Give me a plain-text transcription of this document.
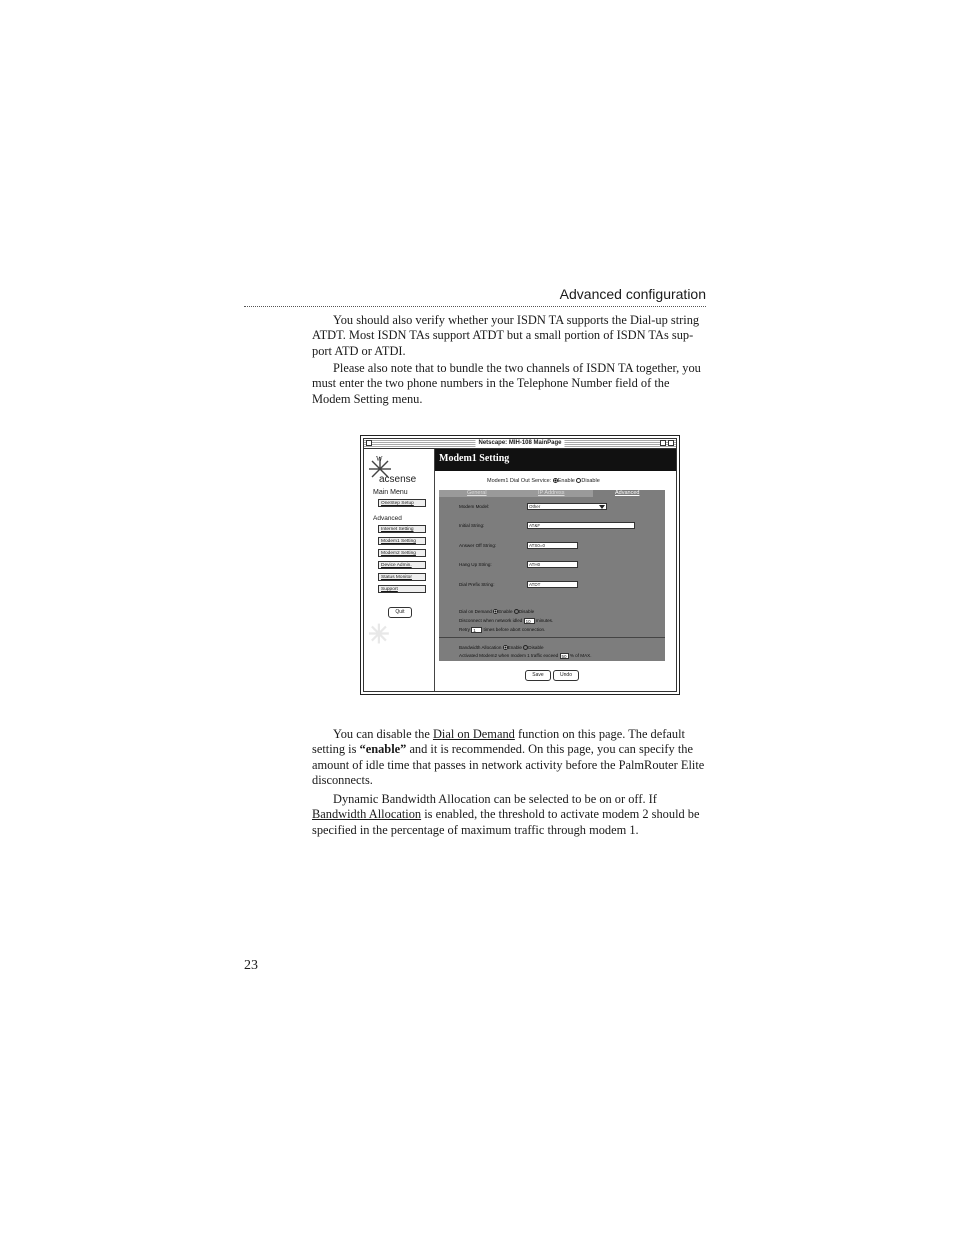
Advanced configuration

You should also verify whether your ISDN TA supports the Dial-up string ATDT. Most ISDN TAs support ATDT but a small portion of ISDN TAs sup-port ATD or ATDI.

Please also note that to bundle the two channels of ISDN TA together, you must enter the two phone numbers in the Telephone Number field of the Modem Setting menu.

Netscape: MIH-108 MainPage
✳
W
acsense
Main Menu
OneStep Setup
Advanced
Internet Setting
Modem1 Setting
Modem2 Setting
Device Admin.
Status Monitor
Support
Quit
Modem1 Setting
Modem1 Dial Out Service: Enable Disable
General	IP Address	Advanced
Modem Model:	Other
Initial String:	AT&F
Answer Off String:	ATS0=0
Hang Up String:	ATH0
Dial Prefix String:	ATDT
Dial on Demand Enable Disable
Disconnect when network idled 10 minutes.
Retry 1 times before abort connection.
Bandwidth Allocation Enable Disable
Activated Modem2 when modem 1 traffic exceed 50 % of MAX.
Save	Undo

You can disable the Dial on Demand function on this page. The default setting is “enable” and it is recommended. On this page, you can specify the amount of idle time that passes in network activity before the PalmRouter Elite disconnects.

Dynamic Bandwidth Allocation can be selected to be on or off. If Bandwidth Allocation is enabled, the threshold to activate modem 2 should be specified in the percentage of maximum traffic through modem 1.

23
